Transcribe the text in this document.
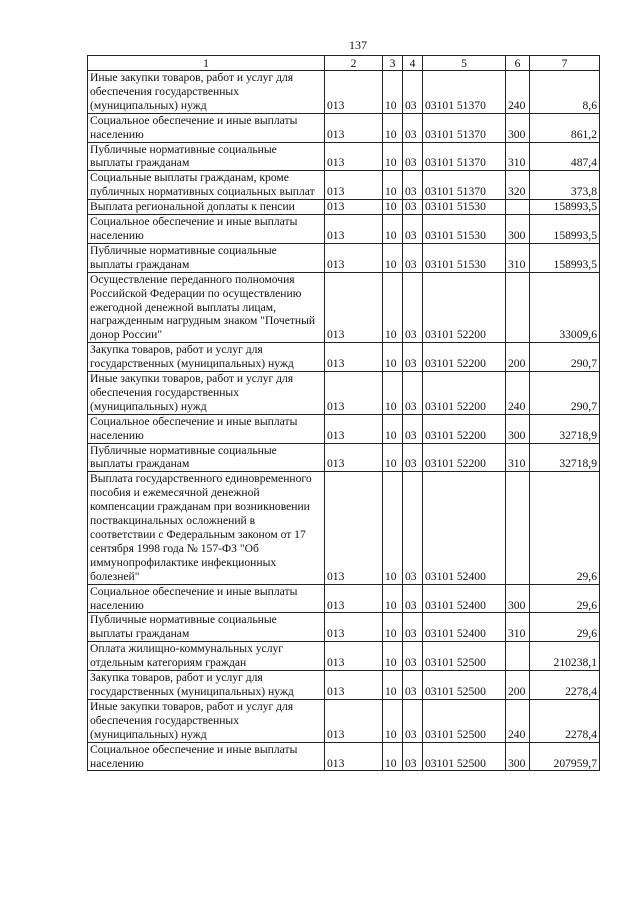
137
1	2	3	4	5	6	7
Иные закупки товаров, работ и услуг для обеспечения государственных (муниципальных) нужд	013	10	03	03101 51370	240	8,6
Социальное обеспечение и иные выплаты населению	013	10	03	03101 51370	300	861,2
Публичные нормативные социальные выплаты гражданам	013	10	03	03101 51370	310	487,4
Социальные выплаты гражданам, кроме публичных нормативных социальных выплат	013	10	03	03101 51370	320	373,8
Выплата региональной доплаты к пенсии	013	10	03	03101 51530		158993,5
Социальное обеспечение и иные выплаты населению	013	10	03	03101 51530	300	158993,5
Публичные нормативные социальные выплаты гражданам	013	10	03	03101 51530	310	158993,5
Осуществление переданного полномочия Российской Федерации по осуществлению ежегодной денежной выплаты лицам, награжденным нагрудным знаком "Почетный донор России"	013	10	03	03101 52200		33009,6
Закупка товаров, работ и услуг для государственных (муниципальных) нужд	013	10	03	03101 52200	200	290,7
Иные закупки товаров, работ и услуг для обеспечения государственных (муниципальных) нужд	013	10	03	03101 52200	240	290,7
Социальное обеспечение и иные выплаты населению	013	10	03	03101 52200	300	32718,9
Публичные нормативные социальные выплаты гражданам	013	10	03	03101 52200	310	32718,9
Выплата государственного единовременного пособия и ежемесячной денежной компенсации гражданам при возникновении поствакцинальных осложнений в соответствии с Федеральным законом от 17 сентября 1998 года № 157-ФЗ "Об иммунопрофилактике инфекционных болезней"	013	10	03	03101 52400		29,6
Социальное обеспечение и иные выплаты населению	013	10	03	03101 52400	300	29,6
Публичные нормативные социальные выплаты гражданам	013	10	03	03101 52400	310	29,6
Оплата жилищно-коммунальных услуг отдельным категориям граждан	013	10	03	03101 52500		210238,1
Закупка товаров, работ и услуг для государственных (муниципальных) нужд	013	10	03	03101 52500	200	2278,4
Иные закупки товаров, работ и услуг для обеспечения государственных (муниципальных) нужд	013	10	03	03101 52500	240	2278,4
Социальное обеспечение и иные выплаты населению	013	10	03	03101 52500	300	207959,7
